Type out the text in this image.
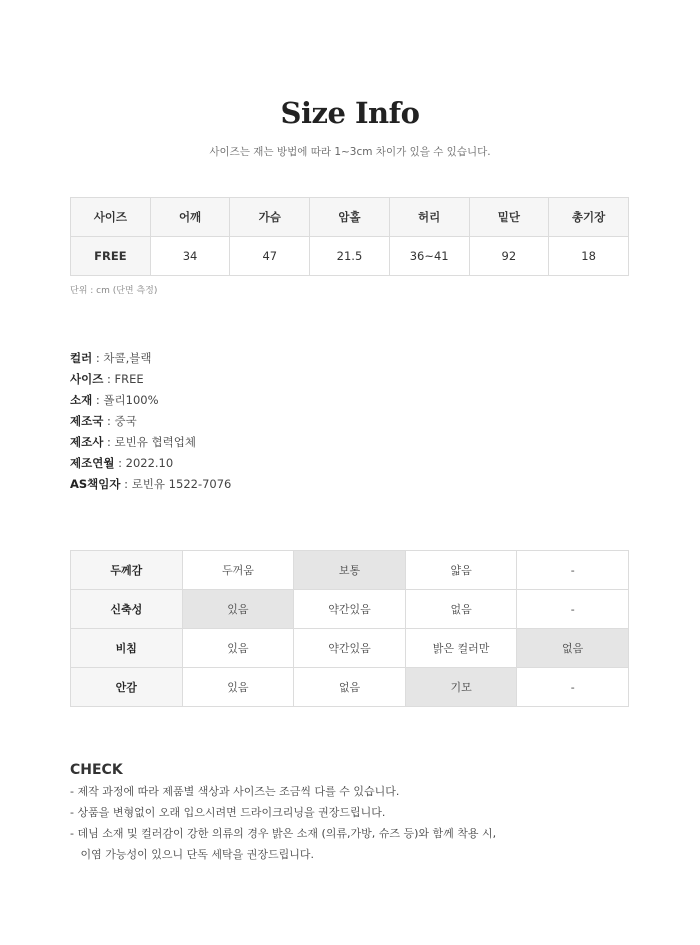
Size Info
사이즈는 재는 방법에 따라 1~3cm 차이가 있을 수 있습니다.
사이즈	어깨	가슴	암홀	허리	밑단	총기장
FREE	34	47	21.5	36~41	92	18
단위 : cm (단면 측정)
컬러 : 차콜,블랙
사이즈 : FREE
소재 : 폴리100%
제조국 : 중국
제조사 : 로빈유 협력업체
제조연월 : 2022.10
AS책임자 : 로빈유 1522-7076
두께감	두꺼움	보통	얇음	-
신축성	있음	약간있음	없음	-
비침	있음	약간있음	밝은 컬러만	없음
안감	있음	없음	기모	-
CHECK
- 제작 과정에 따라 제품별 색상과 사이즈는 조금씩 다를 수 있습니다.
- 상품을 변형없이 오래 입으시려면 드라이크리닝을 권장드립니다.
- 데님 소재 및 컬러감이 강한 의류의 경우 밝은 소재 (의류,가방, 슈즈 등)와 함께 착용 시,
이염 가능성이 있으니 단독 세탁을 권장드립니다.
